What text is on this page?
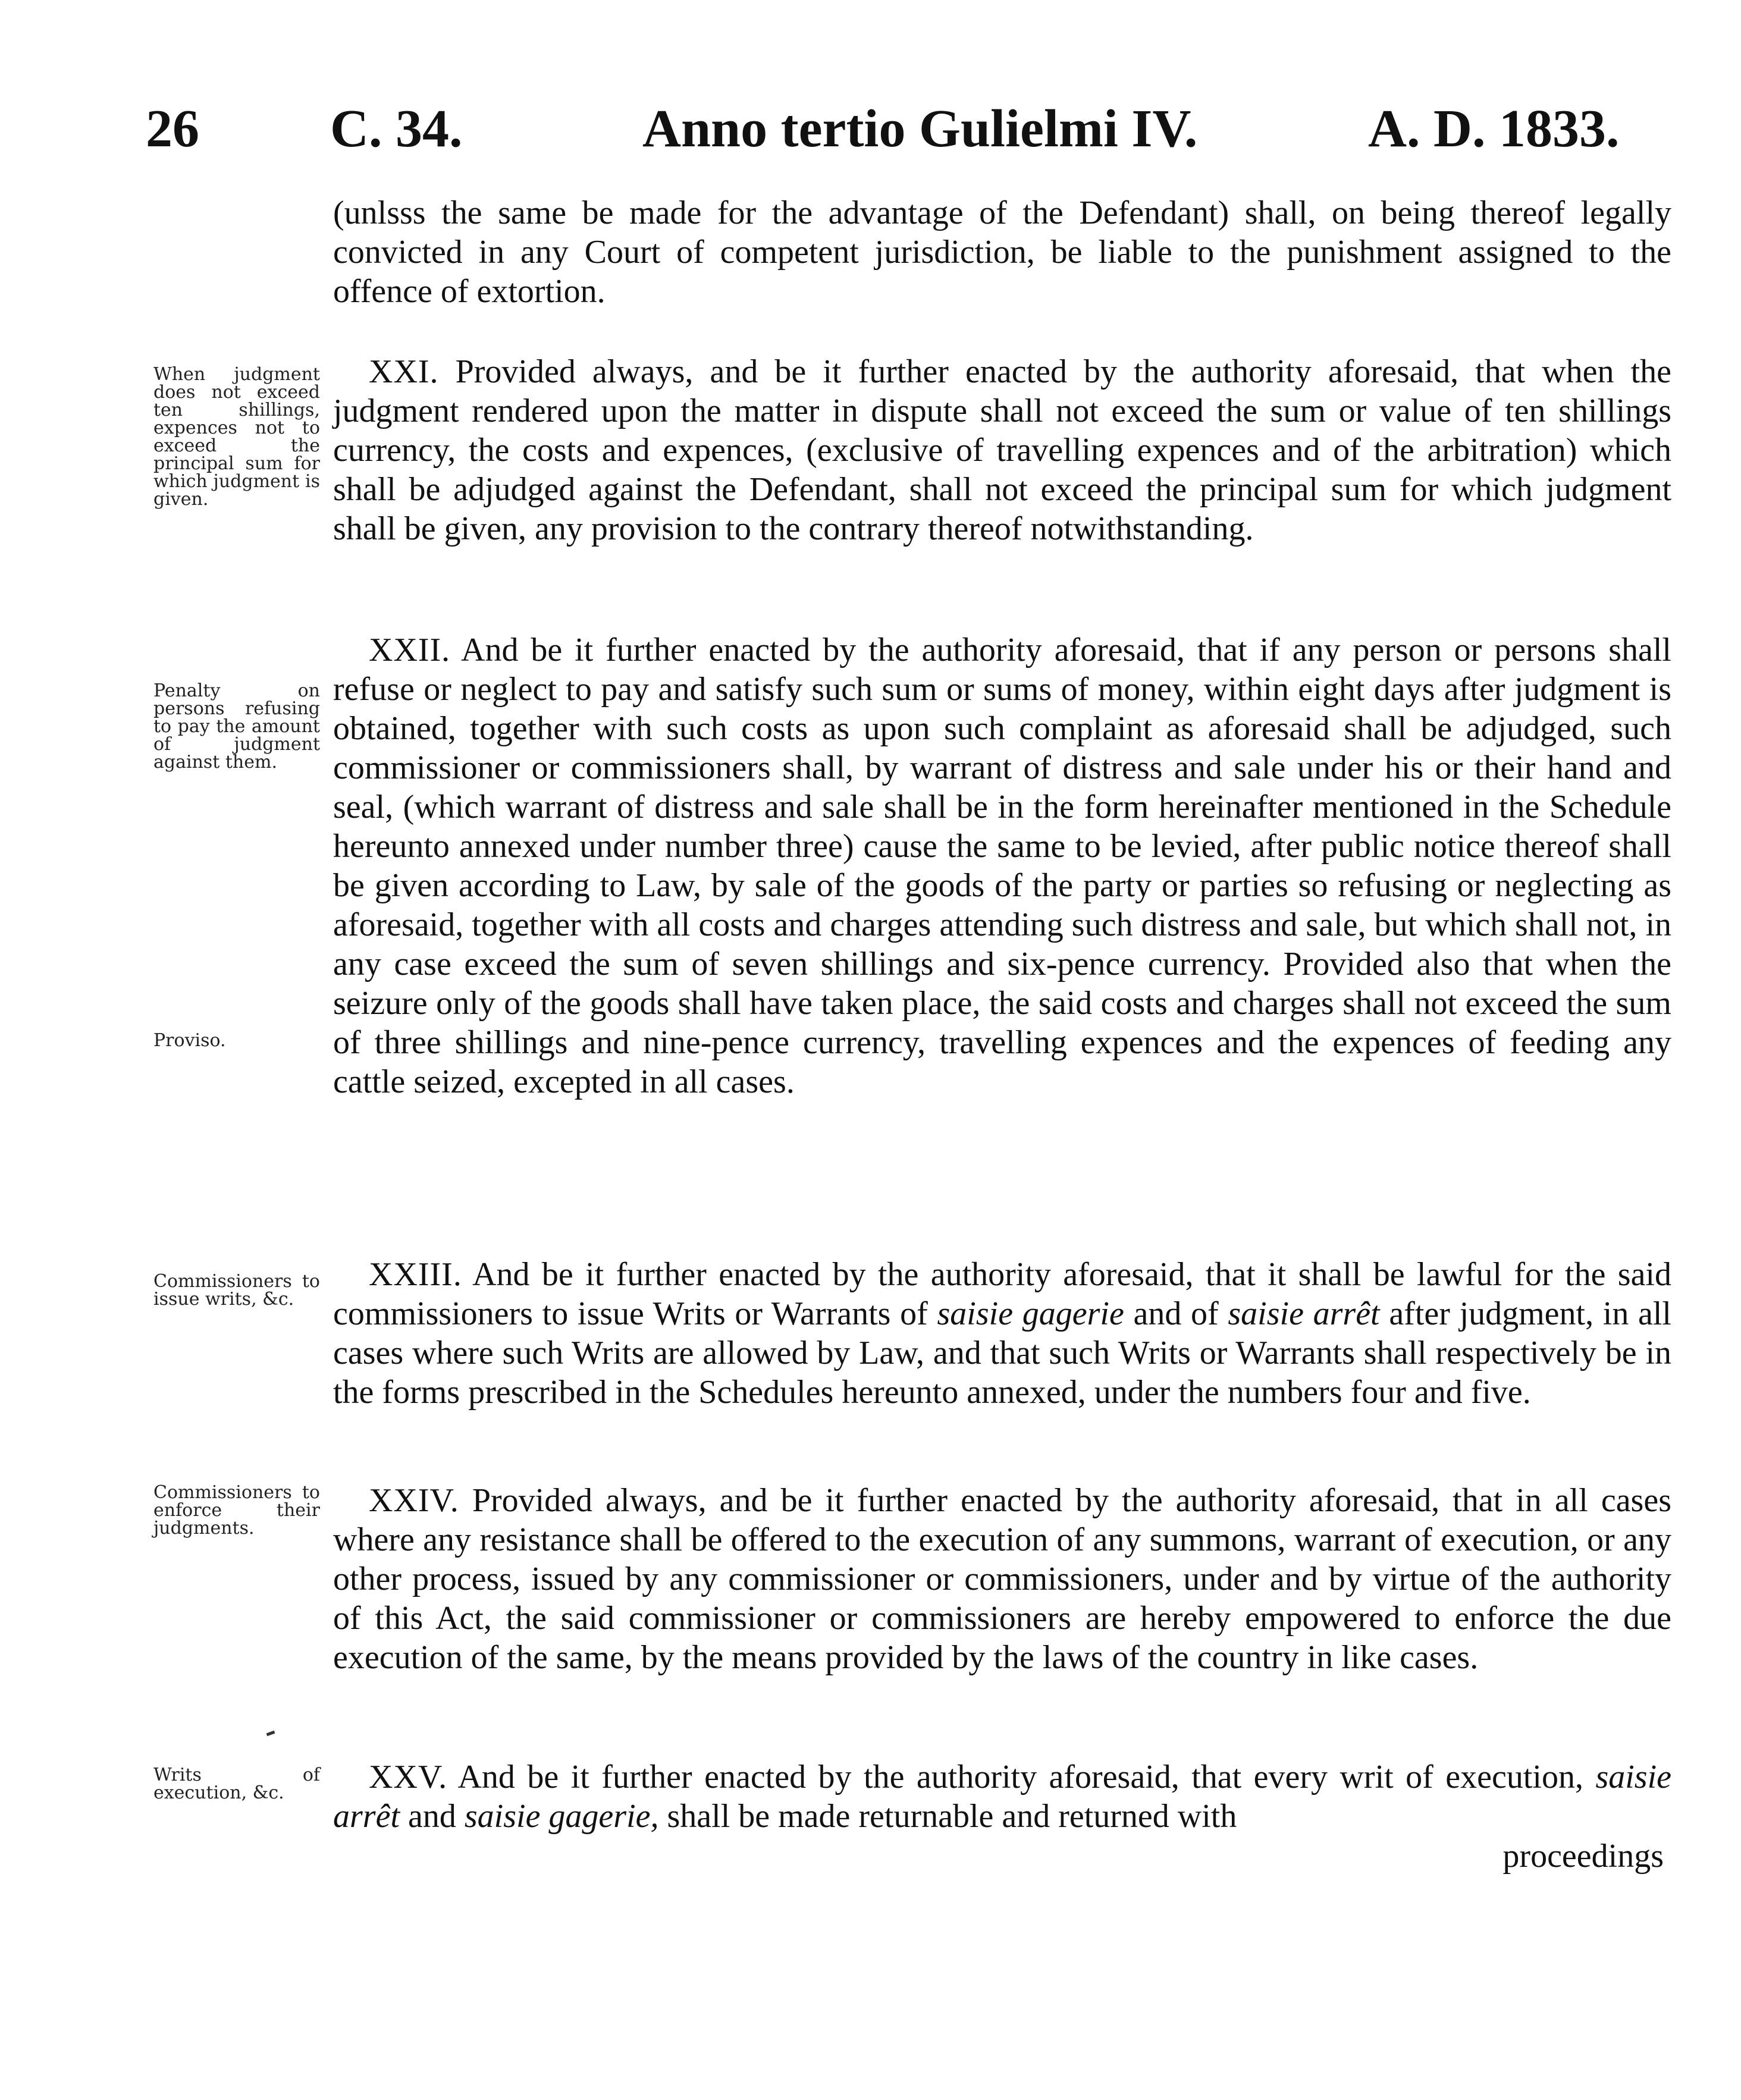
26 C. 34.	Anno tertio Gulielmi IV.	A. D. 1833.

(unlsss the same be made for the advantage of the Defendant) shall, on being thereof legally convicted in any Court of competent jurisdiction, be liable to the punishment assigned to the offence of extortion.

When judgment does not exceed ten shillings, expences not to exceed the principal sum for which judgment is given.

XXI. Provided always, and be it further enacted by the authority aforesaid, that when the judgment rendered upon the matter in dispute shall not exceed the sum or value of ten shillings currency, the costs and expences, (exclusive of travelling expences and of the arbitration) which shall be adjudged against the Defendant, shall not exceed the principal sum for which judgment shall be given, any provision to the contrary thereof notwithstanding.

Penalty on persons refusing to pay the amount of judgment against them.
Proviso.

XXII. And be it further enacted by the authority aforesaid, that if any person or persons shall refuse or neglect to pay and satisfy such sum or sums of money, within eight days after judgment is obtained, together with such costs as upon such complaint as aforesaid shall be adjudged, such commissioner or commissioners shall, by warrant of distress and sale under his or their hand and seal, (which warrant of distress and sale shall be in the form hereinafter mentioned in the Schedule hereunto annexed under number three) cause the same to be levied, after public notice thereof shall be given according to Law, by sale of the goods of the party or parties so refusing or neglecting as aforesaid, together with all costs and charges attending such distress and sale, but which shall not, in any case exceed the sum of seven shillings and six-pence currency. Provided also that when the seizure only of the goods shall have taken place, the said costs and charges shall not exceed the sum of three shillings and nine-pence currency, travelling expences and the expences of feeding any cattle seized, excepted in all cases.

Commissioners to issue writs, &c.

XXIII. And be it further enacted by the authority aforesaid, that it shall be lawful for the said commissioners to issue Writs or Warrants of saisie gagerie and of saisie arrêt after judgment, in all cases where such Writs are allowed by Law, and that such Writs or Warrants shall respectively be in the forms prescribed in the Schedules hereunto annexed, under the numbers four and five.

Commissioners to enforce their judgments.

XXIV. Provided always, and be it further enacted by the authority aforesaid, that in all cases where any resistance shall be offered to the execution of any summons, warrant of execution, or any other process, issued by any commissioner or commissioners, under and by virtue of the authority of this Act, the said commissioner or commissioners are hereby empowered to enforce the due execution of the same, by the means provided by the laws of the country in like cases.

Writs of execution, &c.	XXV. And be it further enacted by the authority aforesaid, that every writ of execution, saisie arrêt and saisie gagerie, shall be made returnable and returned with

proceedings
